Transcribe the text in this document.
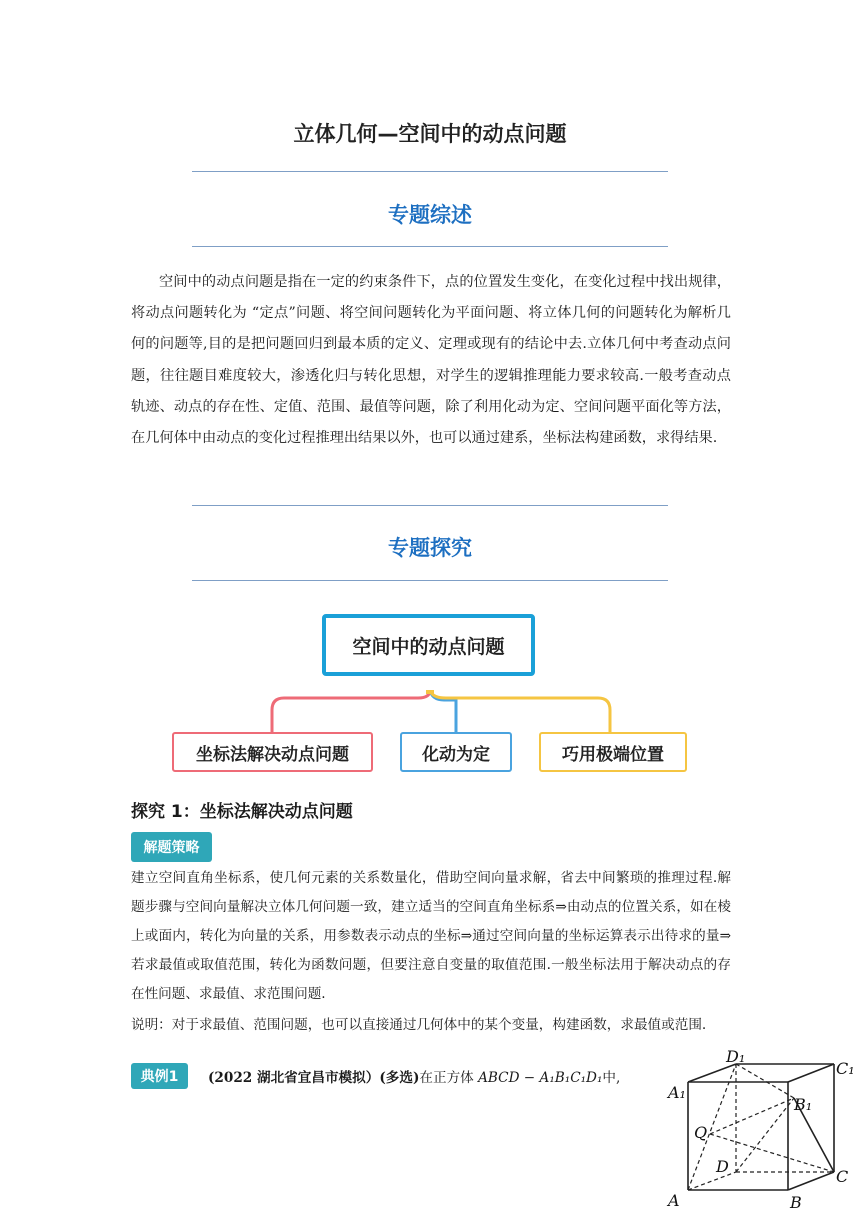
立体几何—空间中的动点问题
专题综述

空间中的动点问题是指在一定的约束条件下，点的位置发生变化，在变化过程中找出规律，将动点问题转化为 “定点”问题、将空间问题转化为平面问题、将立体几何的问题转化为解析几何的问题等,目的是把问题回归到最本质的定义、定理或现有的结论中去.立体几何中考查动点问题，往往题目难度较大，渗透化归与转化思想，对学生的逻辑推理能力要求较高.一般考查动点轨迹、动点的存在性、定值、范围、最值等问题，除了利用化动为定、空间问题平面化等方法，在几何体中由动点的变化过程推理出结果以外，也可以通过建系，坐标法构建函数，求得结果.

专题探究
空间中的动点问题
坐标法解决动点问题	化动为定	巧用极端位置
探究 1：坐标法解决动点问题
解题策略

建立空间直角坐标系，使几何元素的关系数量化，借助空间向量求解，省去中间繁琐的推理过程.解题步骤与空间向量解决立体几何问题一致，建立适当的空间直角坐标系⇒由动点的位置关系，如在棱上或面内，转化为向量的关系，用参数表示动点的坐标⇒通过空间向量的坐标运算表示出待求的量⇒若求最值或取值范围，转化为函数问题，但要注意自变量的取值范围.一般坐标法用于解决动点的存在性问题、求最值、求范围问题.

说明：对于求最值、范围问题，也可以直接通过几何体中的某个变量，构建函数，求最值或范围.
典例1	(2022 湖北省宜昌市模拟）(多选)在正方体 ABCD − A₁B₁C₁D₁中,
D₁
C₁
A₁
B₁
Q
D
C
A	B
